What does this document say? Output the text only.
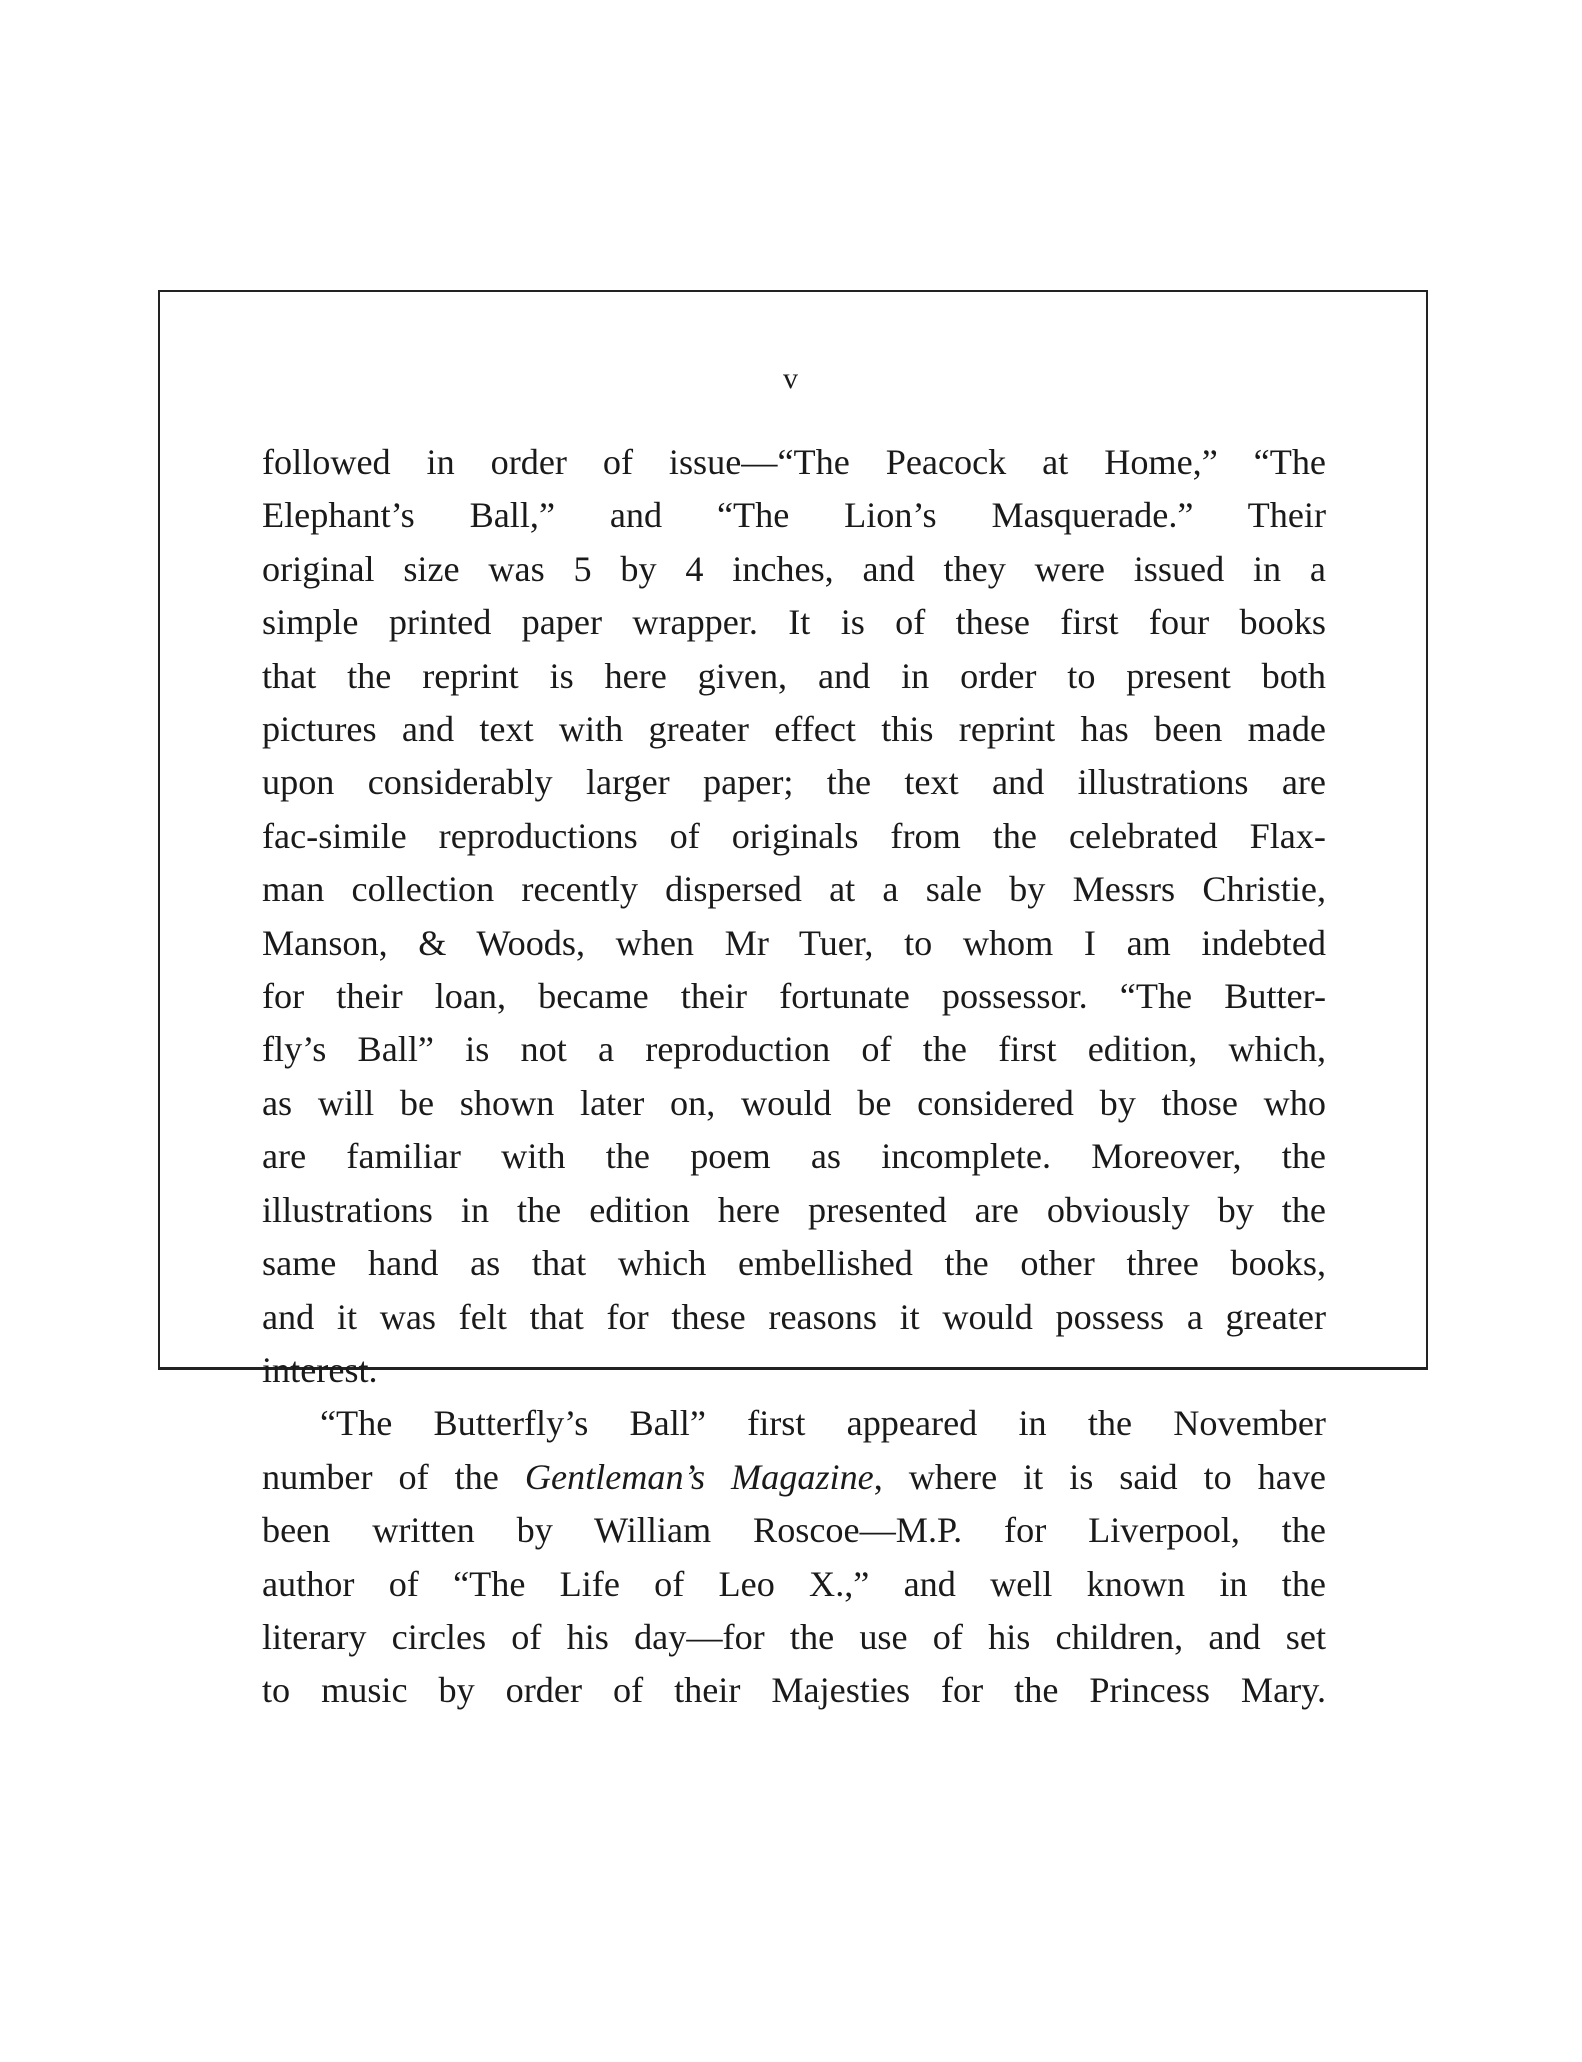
v
followed in order of issue—“The Peacock at Home,” “The
Elephant’s Ball,” and “The Lion’s Masquerade.” Their
original size was 5 by 4 inches, and they were issued in a
simple printed paper wrapper. It is of these first four books
that the reprint is here given, and in order to present both
pictures and text with greater effect this reprint has been made
upon considerably larger paper; the text and illustrations are
fac-simile reproductions of originals from the celebrated Flax-
man collection recently dispersed at a sale by Messrs Christie,
Manson, & Woods, when Mr Tuer, to whom I am indebted
for their loan, became their fortunate possessor. “The Butter-
fly’s Ball” is not a reproduction of the first edition, which,
as will be shown later on, would be considered by those who
are familiar with the poem as incomplete. Moreover, the
illustrations in the edition here presented are obviously by the
same hand as that which embellished the other three books,
and it was felt that for these reasons it would possess a greater
interest.
“The Butterfly’s Ball” first appeared in the November
number of the Gentleman’s Magazine, where it is said to have
been written by William Roscoe—M.P. for Liverpool, the
author of “The Life of Leo X.,” and well known in the
literary circles of his day—for the use of his children, and set
to music by order of their Majesties for the Princess Mary.
